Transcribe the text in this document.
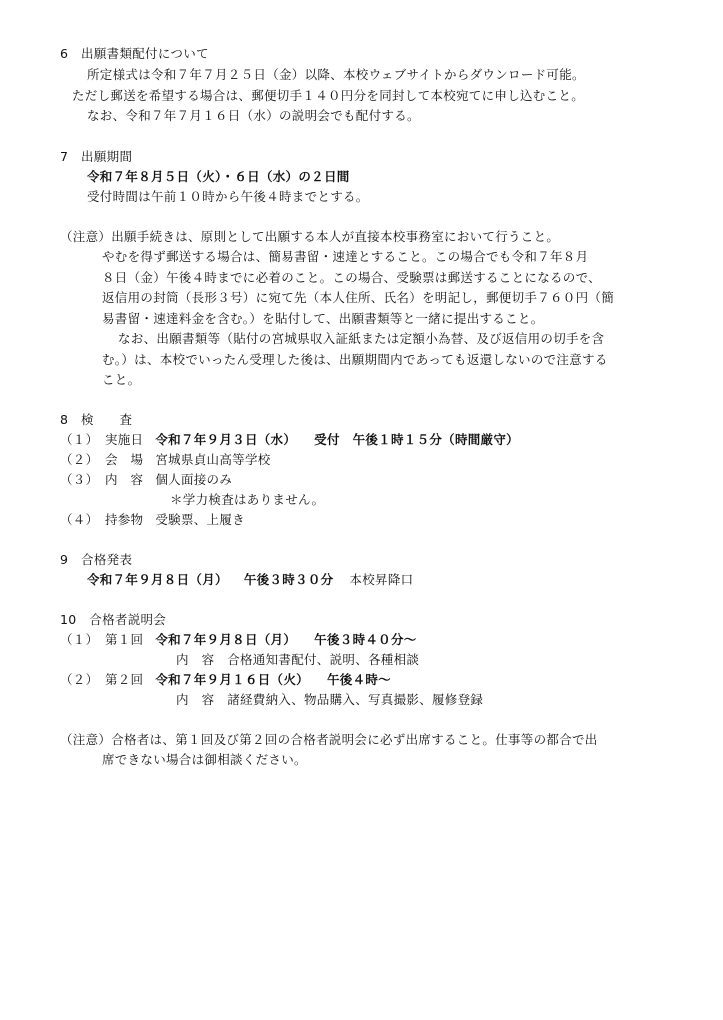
6　出願書類配付について
所定様式は令和７年７月２５日（金）以降、本校ウェブサイトからダウンロード可能。
ただし郵送を希望する場合は、郵便切手１４０円分を同封して本校宛てに申し込むこと。
なお、令和７年７月１６日（水）の説明会でも配付する。
7　出願期間
令和７年８月５日（火）・６日（水）の２日間
受付時間は午前１０時から午後４時までとする。
（注意）出願手続きは、原則として出願する本人が直接本校事務室において行うこと。
やむを得ず郵送する場合は、簡易書留・速達とすること。この場合でも令和７年８月
８日（金）午後４時までに必着のこと。この場合、受験票は郵送することになるので、
返信用の封筒（長形３号）に宛て先（本人住所、氏名）を明記し，郵便切手７６０円（簡
易書留・速達料金を含む。）を貼付して、出願書類等と一緒に提出すること。
なお、出願書類等（貼付の宮城県収入証紙または定額小為替、及び返信用の切手を含
む。）は、本校でいったん受理した後は、出願期間内であっても返還しないので注意する
こと。
8　検　　査
（１）　実施日 令和７年９月３日（水） 受付　午後１時１５分（時間厳守）
（２）　会　場 宮城県貞山高等学校
（３）　内　容 個人面接のみ
＊学力検査はありません。
（４）　持参物 受験票、上履き
9　合格発表
令和７年９月８日（月） 午後３時３０分 本校昇降口
10　合格者説明会
（１）　第１回 令和７年９月８日（月） 午後３時４０分～
内　容　合格通知書配付、説明、各種相談
（２）　第２回 令和７年９月１６日（火） 午後４時～
内　容　諸経費納入、物品購入、写真撮影、履修登録
（注意）合格者は、第１回及び第２回の合格者説明会に必ず出席すること。仕事等の都合で出
席できない場合は御相談ください。
